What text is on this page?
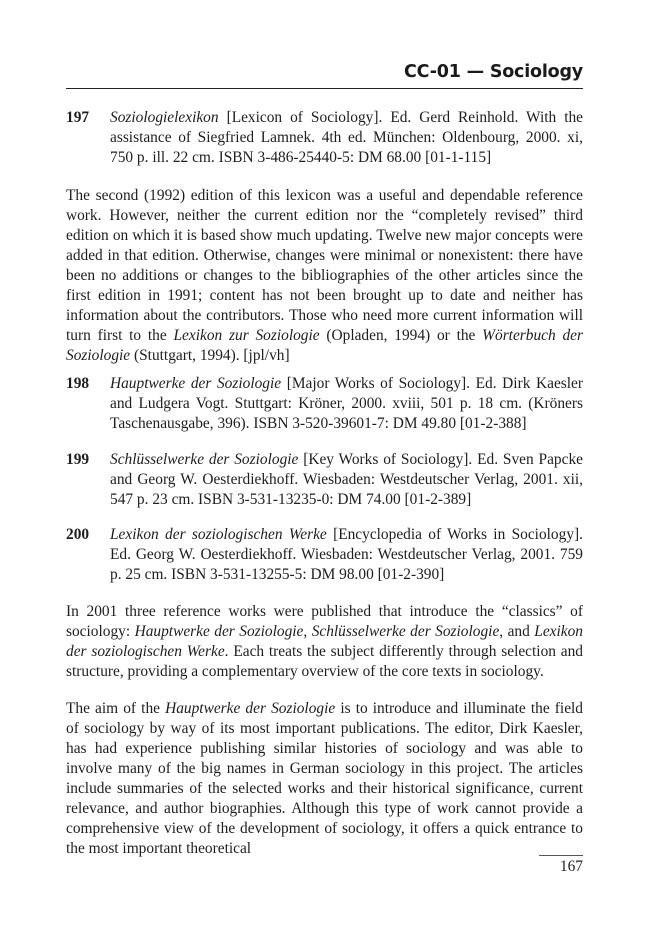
CC-01 — Sociology
197 Soziologielexikon [Lexicon of Sociology]. Ed. Gerd Reinhold. With the assistance of Siegfried Lamnek. 4th ed. München: Oldenbourg, 2000. xi, 750 p. ill. 22 cm. ISBN 3-486-25440-5: DM 68.00 [01-1-115]
The second (1992) edition of this lexicon was a useful and dependable reference work. However, neither the current edition nor the “completely revised” third edition on which it is based show much updating. Twelve new major concepts were added in that edition. Otherwise, changes were minimal or nonexistent: there have been no additions or changes to the bibliographies of the other articles since the first edition in 1991; content has not been brought up to date and neither has information about the contributors. Those who need more current information will turn first to the Lexikon zur Soziologie (Opladen, 1994) or the Wörterbuch der Soziologie (Stuttgart, 1994). [jpl/vh]
198 Hauptwerke der Soziologie [Major Works of Sociology]. Ed. Dirk Kaesler and Ludgera Vogt. Stuttgart: Kröner, 2000. xviii, 501 p. 18 cm. (Kröners Taschenausgabe, 396). ISBN 3-520-39601-7: DM 49.80 [01-2-388]
199 Schlüsselwerke der Soziologie [Key Works of Sociology]. Ed. Sven Papcke and Georg W. Oesterdiekhoff. Wiesbaden: Westdeutscher Verlag, 2001. xii, 547 p. 23 cm. ISBN 3-531-13235-0: DM 74.00 [01-2-389]
200 Lexikon der soziologischen Werke [Encyclopedia of Works in Sociology]. Ed. Georg W. Oesterdiekhoff. Wiesbaden: Westdeutscher Verlag, 2001. 759 p. 25 cm. ISBN 3-531-13255-5: DM 98.00 [01-2-390]
In 2001 three reference works were published that introduce the “classics” of sociology: Hauptwerke der Soziologie, Schlüsselwerke der Soziologie, and Lexikon der soziologischen Werke. Each treats the subject differently through selection and structure, providing a complementary overview of the core texts in sociology.
The aim of the Hauptwerke der Soziologie is to introduce and illuminate the field of sociology by way of its most important publications. The editor, Dirk Kaesler, has had experience publishing similar histories of sociology and was able to involve many of the big names in German sociology in this project. The articles include summaries of the selected works and their historical significance, current relevance, and author biographies. Although this type of work cannot provide a comprehensive view of the development of sociology, it offers a quick entrance to the most important theoretical
167
